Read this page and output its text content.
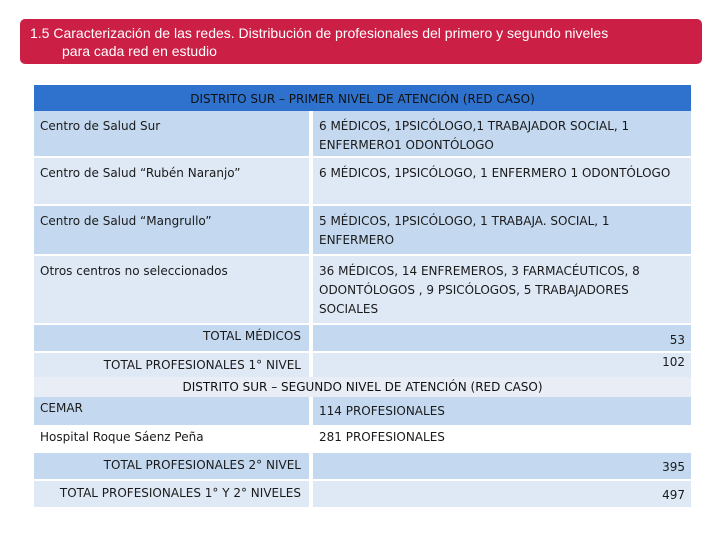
1.5 Caracterización de las redes. Distribución de profesionales del primero y segundo niveles
para cada red en estudio
DISTRITO SUR – PRIMER NIVEL DE ATENCIÓN (RED CASO)
Centro de Salud Sur	6 MÉDICOS, 1PSICÓLOGO,1 TRABAJADOR SOCIAL, 1 ENFERMERO1 ODONTÓLOGO
Centro de Salud “Rubén Naranjo”	6 MÉDICOS, 1PSICÓLOGO, 1 ENFERMERO 1 ODONTÓLOGO
Centro de Salud “Mangrullo”	5 MÉDICOS, 1PSICÓLOGO, 1 TRABAJA. SOCIAL, 1 ENFERMERO
Otros centros no seleccionados	36 MÉDICOS, 14 ENFREMEROS, 3 FARMACÉUTICOS, 8 ODONTÓLOGOS , 9 PSICÓLOGOS, 5 TRABAJADORES SOCIALES
TOTAL MÉDICOS	53
TOTAL PROFESIONALES 1° NIVEL	102
DISTRITO SUR – SEGUNDO NIVEL DE ATENCIÓN (RED CASO)
CEMAR	114 PROFESIONALES
Hospital Roque Sáenz Peña	281 PROFESIONALES
TOTAL PROFESIONALES 2° NIVEL	395
TOTAL PROFESIONALES 1° Y 2° NIVELES	497
